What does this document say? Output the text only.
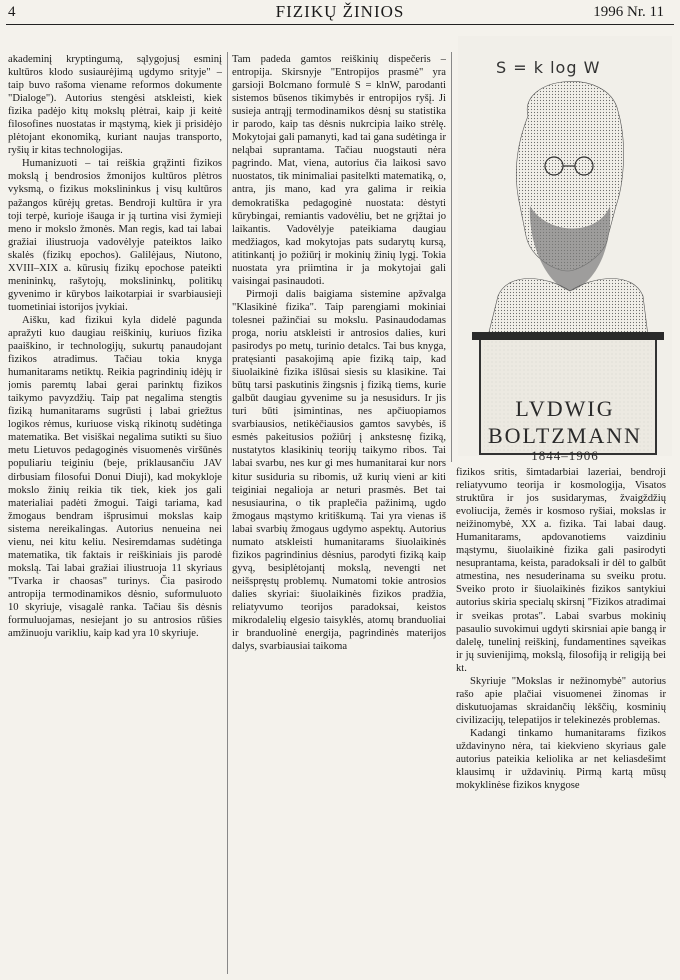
4	FIZIKŲ ŽINIOS	1996 Nr. 11

akademinį kryptingumą, sąlygojusį esminį kultūros klodo susiaurėjimą ugdymo srityje" – taip buvo rašoma viename reformos dokumente "Dialoge"). Autorius stengėsi atskleisti, kiek fizika padėjo kitų mokslų plėtrai, kaip ji keitė filosofines nuostatas ir mąstymą, kiek ji prisidėjo plėtojant ekonomiką, kuriant naujas transporto, ryšių ir kitas technologijas.

Humanizuoti – tai reiškia grąžinti fizikos mokslą į bendrosios žmonijos kultūros plėtros vyksmą, o fizikus mokslininkus į visų kultūros pažangos kūrėjų gretas. Bendroji kultūra ir yra toji terpė, kurioje išauga ir ją turtina visi žymieji meno ir mokslo žmonės. Man regis, kad tai labai gražiai iliustruoja vadovėlyje pateiktos laiko skalės (fizikų epochos). Galilėjaus, Niutono, XVIII–XIX a. kūrusių fizikų epochose pateikti menininkų, rašytojų, mokslininkų, politikų gyvenimo ir kūrybos laikotarpiai ir svarbiausieji tuometiniai istorijos įvykiai.

Aišku, kad fizikui kyla didelė pagunda apražyti kuo daugiau reiškinių, kuriuos fizika paaiškino, ir technologijų, sukurtų panaudojant fizikos atradimus. Tačiau tokia knyga humanitarams netiktų. Reikia pagrindinių idėjų ir jomis paremtų labai gerai parinktų fizikos taikymo pavyzdžių. Taip pat negalima stengtis fiziką humanitarams sugrūsti į labai griežtus logikos rėmus, kuriuose viską rikinotų sudėtinga matematika. Bet visiškai negalima sutikti su šiuo metu Lietuvos pedagoginės visuomenės viršūnės populiariu teiginiu (beje, priklausančiu JAV dirbusiam filosofui Donui Diuji), kad mokykloje mokslo žinių reikia tik tiek, kiek jos gali materialiai padėti žmogui. Taigi tariama, kad žmogaus bendram išprusimui mokslas kaip sistema nereikalingas. Autorius nenueina nei vienu, nei kitu keliu. Nesiremdamas sudėtinga matematika, tik faktais ir reiškiniais jis parodė mokslą. Tai labai gražiai iliustruoja 11 skyriaus "Tvarka ir chaosas" turinys. Čia pasirodo antropija termodinamikos dėsnio, suformuluoto 10 skyriuje, visagalė ranka. Tačiau šis dėsnis formuluojamas, nesiejant jo su antrosios rūšies amžinuoju varikliu, kaip kad yra 10 skyriuje.

Tam padeda gamtos reiškinių dispečeris – entropija. Skirsnyje "Entropijos prasmė" yra garsioji Bolcmano formulė S = klnW, parodanti sistemos būsenos tikimybės ir entropijos ryšį. Ji susieja antrąjį termodinamikos dėsnį su statistika ir parodo, kaip tas dėsnis nukrcipia laiko strėlę. Mokytojai gali pamanyti, kad tai gana sudėtinga ir neląbai suprantama. Tačiau nuogstauti nėra pagrindo. Mat, viena, autorius čia laikosi savo nuostatos, tik minimaliai pasitelkti matematiką, o, antra, jis mano, kad yra galima ir reikia demokratiška pedagoginė nuostata: dėstyti kūrybingai, remiantis vadovėliu, bet ne grįžtai jo laikantis. Vadovėlyje pateikiama daugiau medžiagos, kad mokytojas pats sudarytų kursą, atitinkantį jo požiūrį ir mokinių žinių lygį. Tokia nuostata yra priimtina ir ja mokytojai gali vaisingai pasinaudoti.

Pirmoji dalis baigiama sistemine apžvalga "Klasikinė fizika". Taip parengiami mokiniai tolesnei pažinčiai su mokslu. Pasinaudodamas proga, noriu atskleisti ir antrosios dalies, kuri pasirodys po metų, turinio detalcs. Tai bus knyga, pratęsianti pasakojimą apie fiziką taip, kad šiuolaikinė fizika išlūsai siesis su klasikine. Tai būtų tarsi paskutinis žingsnis į fiziką tiems, kurie galbūt daugiau gyvenime su ja nesusidurs. Ir jis turi būti įsimintinas, nes apčiuopiamos svarbiausios, netikėčiausios gamtos savybės, iš esmės pakeitusios požiūrį į ankstesnę fiziką, nustatytos klasikinių teorijų taikymo ribos. Tai labai svarbu, nes kur gi mes humanitarai kur nors kitur susiduria su ribomis, už kurių vieni ar kiti teiginiai negalioja ar neturi prasmės. Bet tai nesusiaurina, o tik praplečia pažinimą, ugdo žmogaus mąstymo kritiškumą. Tai yra vienas iš labai svarbių žmogaus ugdymo aspektų. Autorius numato atskleisti humanitarams šiuolaikinės fizikos pagrindinius dėsnius, parodyti fiziką kaip gyvą, besiplėtojantį mokslą, nevengti net neišspręstų problemų. Numatomi tokie antrosios dalies skyriai: šiuolaikinės fizikos pradžia, reliatyvumo teorijos paradoksai, keistos mikrodalelių elgesio taisyklės, atomų branduoliai ir branduolinė energija, pagrindinės materijos dalys, svarbiausiai taikoma

S = k log W
LVDWIG
BOLTZMANN
1844–1906

fizikos sritis, šimtadarbiai lazeriai, bendroji reliatyvumo teorija ir kosmologija, Visatos struktūra ir jos susidarymas, žvaigždžių evoliucija, žemės ir kosmoso ryšiai, mokslas ir neižinomybė, XX a. fizika. Tai labai daug. Humanitarams, apdovanotiems vaizdiniu mąstymu, šiuolaikinė fizika gali pasirodyti nesuprantama, keista, paradoksali ir dėl to galbūt atmestina, nes nesuderinama su sveiku protu. Sveiko proto ir šiuolaikinės fizikos santykiui autorius skiria specialų skirsnį "Fizikos atradimai ir sveikas protas". Labai svarbus mokinių pasaulio suvokimui ugdyti skirsniai apie bangą ir dalelę, tunelinį reiškinį, fundamentines sąveikas ir jų suvienijimą, mokslą, filosofiją ir religiją bei kt.

Skyriuje "Mokslas ir nežinomybė" autorius rašo apie plačiai visuomenei žinomas ir diskutuojamas skraidančių lėkščių, kosminių civilizacijų, telepatijos ir telekinezės problemas.

Kadangi tinkamo humanitarams fizikos uždavinyno nėra, tai kiekvieno skyriaus gale autorius pateikia keliolika ar net keliasdešimt klausimų ir uždavinių. Pirmą kartą mūsų mokyklinėse fizikos knygose
